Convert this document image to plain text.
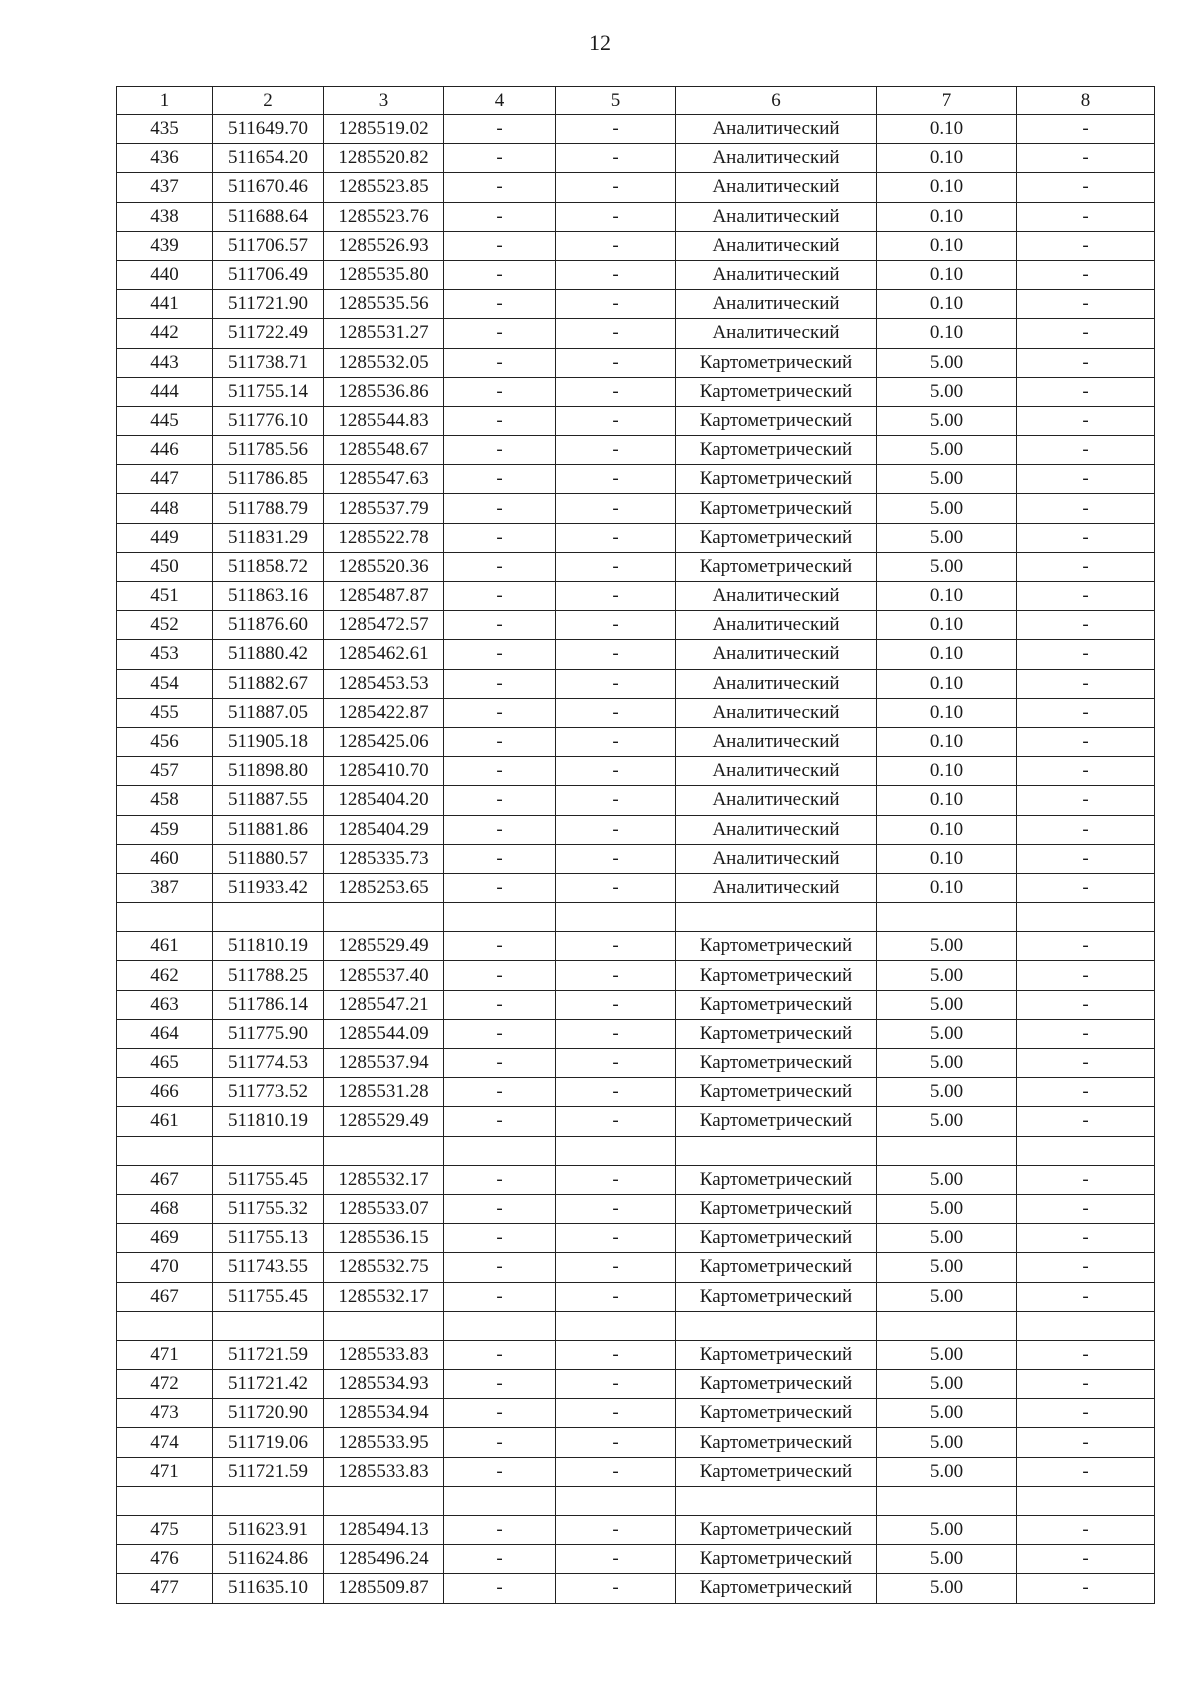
12
1	2	3	4	5	6	7	8
435	511649.70	1285519.02	-	-	Аналитический	0.10	-
436	511654.20	1285520.82	-	-	Аналитический	0.10	-
437	511670.46	1285523.85	-	-	Аналитический	0.10	-
438	511688.64	1285523.76	-	-	Аналитический	0.10	-
439	511706.57	1285526.93	-	-	Аналитический	0.10	-
440	511706.49	1285535.80	-	-	Аналитический	0.10	-
441	511721.90	1285535.56	-	-	Аналитический	0.10	-
442	511722.49	1285531.27	-	-	Аналитический	0.10	-
443	511738.71	1285532.05	-	-	Картометрический	5.00	-
444	511755.14	1285536.86	-	-	Картометрический	5.00	-
445	511776.10	1285544.83	-	-	Картометрический	5.00	-
446	511785.56	1285548.67	-	-	Картометрический	5.00	-
447	511786.85	1285547.63	-	-	Картометрический	5.00	-
448	511788.79	1285537.79	-	-	Картометрический	5.00	-
449	511831.29	1285522.78	-	-	Картометрический	5.00	-
450	511858.72	1285520.36	-	-	Картометрический	5.00	-
451	511863.16	1285487.87	-	-	Аналитический	0.10	-
452	511876.60	1285472.57	-	-	Аналитический	0.10	-
453	511880.42	1285462.61	-	-	Аналитический	0.10	-
454	511882.67	1285453.53	-	-	Аналитический	0.10	-
455	511887.05	1285422.87	-	-	Аналитический	0.10	-
456	511905.18	1285425.06	-	-	Аналитический	0.10	-
457	511898.80	1285410.70	-	-	Аналитический	0.10	-
458	511887.55	1285404.20	-	-	Аналитический	0.10	-
459	511881.86	1285404.29	-	-	Аналитический	0.10	-
460	511880.57	1285335.73	-	-	Аналитический	0.10	-
387	511933.42	1285253.65	-	-	Аналитический	0.10	-

461	511810.19	1285529.49	-	-	Картометрический	5.00	-
462	511788.25	1285537.40	-	-	Картометрический	5.00	-
463	511786.14	1285547.21	-	-	Картометрический	5.00	-
464	511775.90	1285544.09	-	-	Картометрический	5.00	-
465	511774.53	1285537.94	-	-	Картометрический	5.00	-
466	511773.52	1285531.28	-	-	Картометрический	5.00	-
461	511810.19	1285529.49	-	-	Картометрический	5.00	-

467	511755.45	1285532.17	-	-	Картометрический	5.00	-
468	511755.32	1285533.07	-	-	Картометрический	5.00	-
469	511755.13	1285536.15	-	-	Картометрический	5.00	-
470	511743.55	1285532.75	-	-	Картометрический	5.00	-
467	511755.45	1285532.17	-	-	Картометрический	5.00	-

471	511721.59	1285533.83	-	-	Картометрический	5.00	-
472	511721.42	1285534.93	-	-	Картометрический	5.00	-
473	511720.90	1285534.94	-	-	Картометрический	5.00	-
474	511719.06	1285533.95	-	-	Картометрический	5.00	-
471	511721.59	1285533.83	-	-	Картометрический	5.00	-

475	511623.91	1285494.13	-	-	Картометрический	5.00	-
476	511624.86	1285496.24	-	-	Картометрический	5.00	-
477	511635.10	1285509.87	-	-	Картометрический	5.00	-
